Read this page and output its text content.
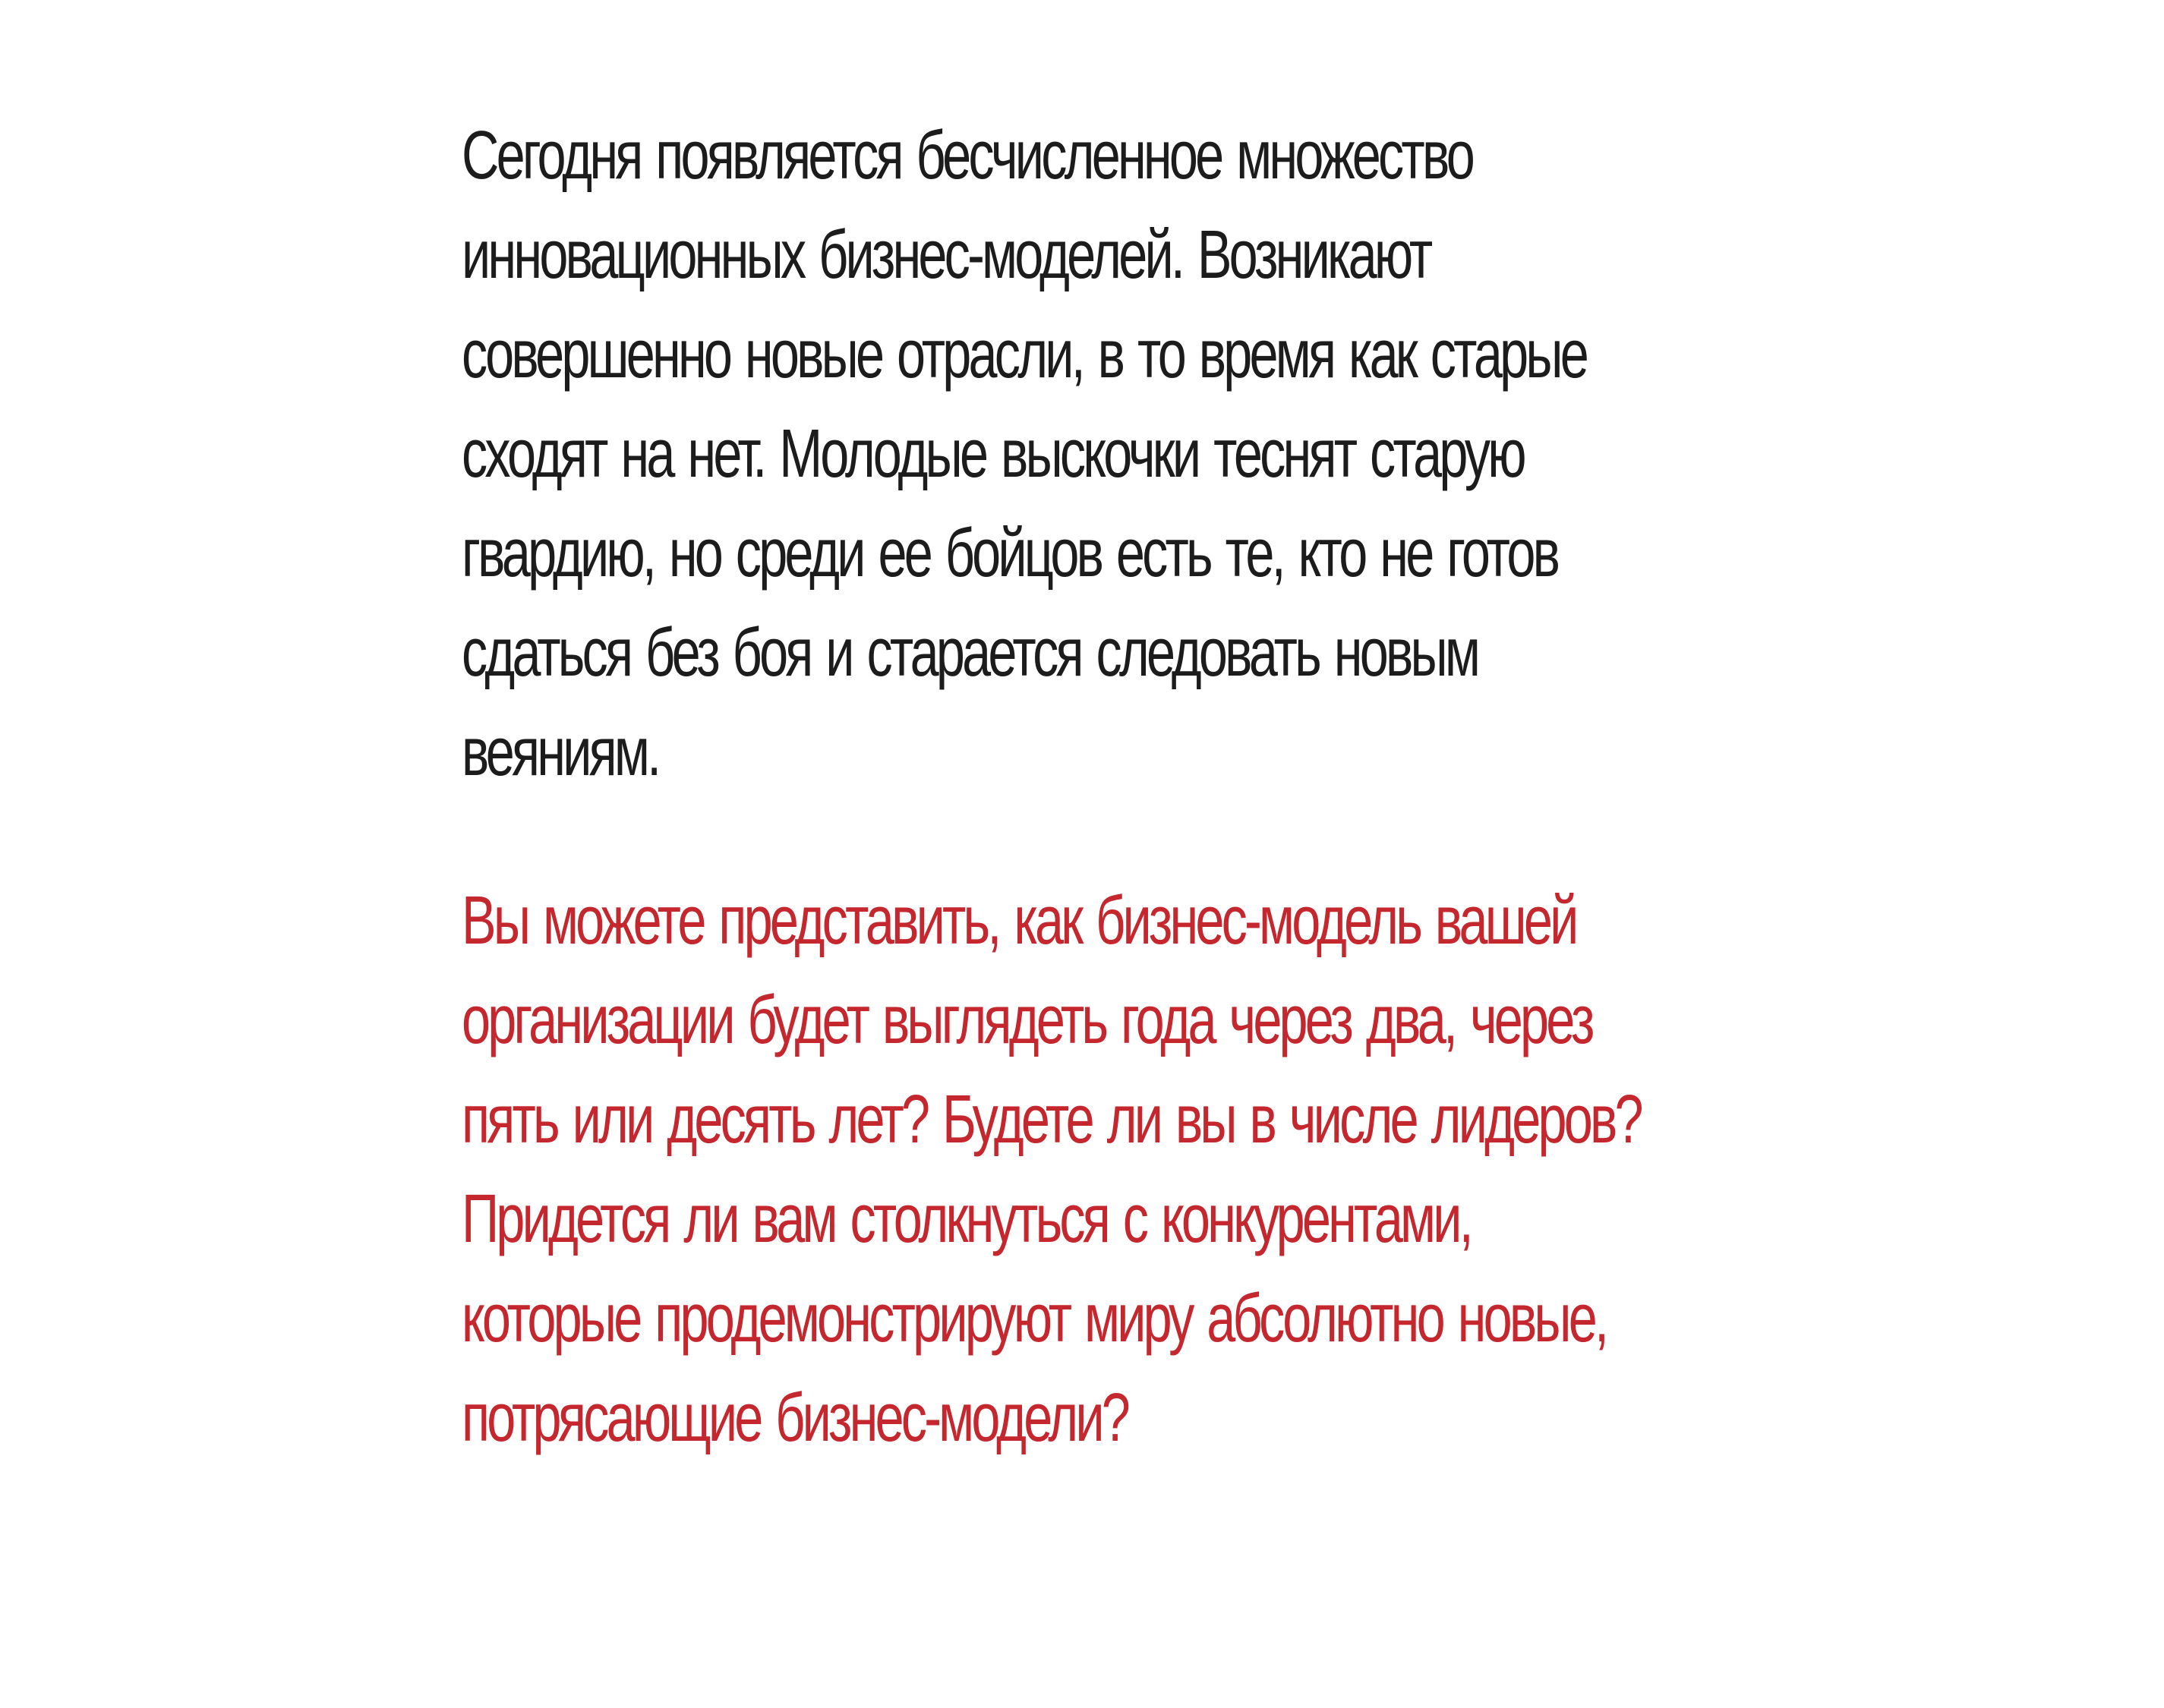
Сегодня появляется бесчисленное множество
инновационных бизнес-моделей. Возникают
совершенно новые отрасли, в то время как старые
сходят на нет. Молодые выскочки теснят старую
гвардию, но среди ее бойцов есть те, кто не готов
сдаться без боя и старается следовать новым
веяниям.

Вы можете представить, как бизнес-модель вашей
организации будет выглядеть года через два, через
пять или десять лет? Будете ли вы в числе лидеров?
Придется ли вам столкнуться с конкурентами,
которые продемонстрируют миру абсолютно новые,
потрясающие бизнес-модели?
